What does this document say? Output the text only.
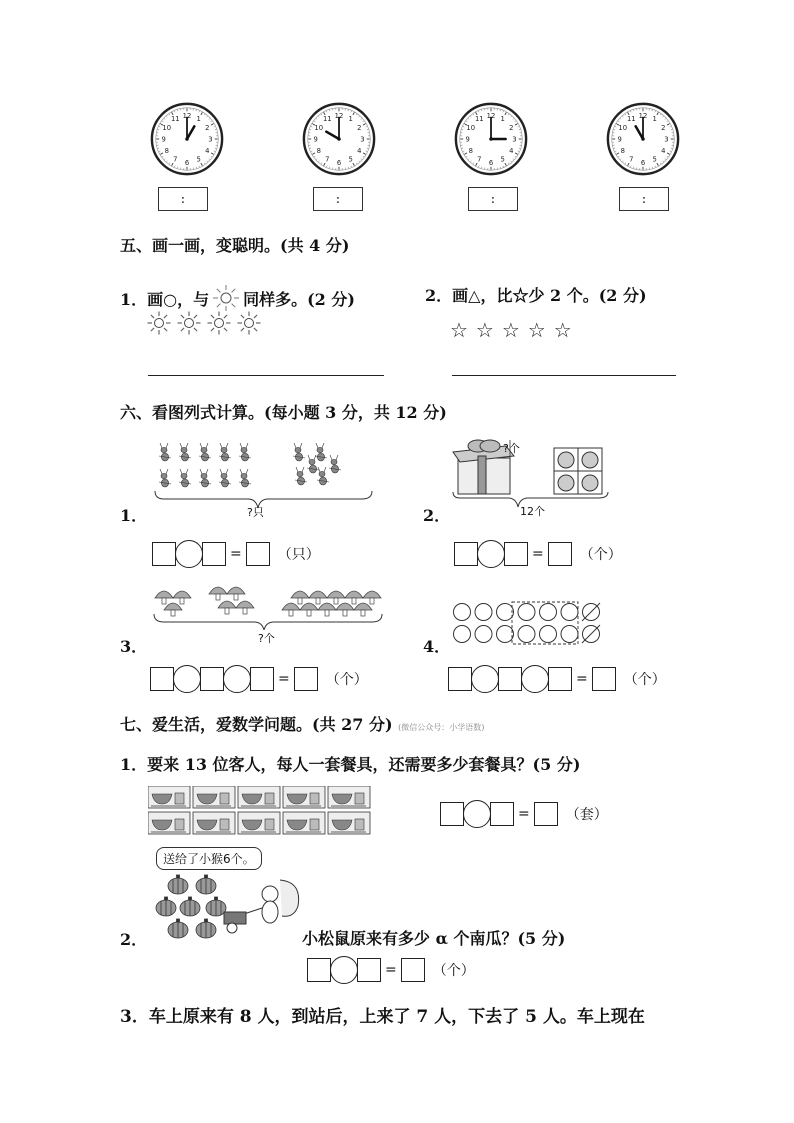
1
2
3
4
5
6
7
8
9
10
11 12
:
1
2
3
4
5
6
7
8
9
10
11 12
:
1
2
3
4
5
6
7
8
9
10
11 12
:
1
2
3
4
5
6
7
8
9
10
11 12
:
五、画一画，变聪明。(共 4 分)
1．画○，与 同样多。(2 分)	2．画△，比☆少 2 个。(2 分)
☆☆☆☆☆
六、看图列式计算。(每小题 3 分，共 12 分)
?只
1．
=	（只）
?个
12个
2．
=	（个）
?个
3．
=	（个）
4．
=	（个）
七、爱生活，爱数学问题。(共 27 分) (微信公众号：小学语数)
1．要来 13 位客人，每人一套餐具，还需要多少套餐具？(5 分)
=	（套）
送给了小猴6个。
2．	小松鼠原来有多少 α 个南瓜？(5 分)
=	（个）
3．车上原来有 8 人，到站后，上来了 7 人，下去了 5 人。车上现在
